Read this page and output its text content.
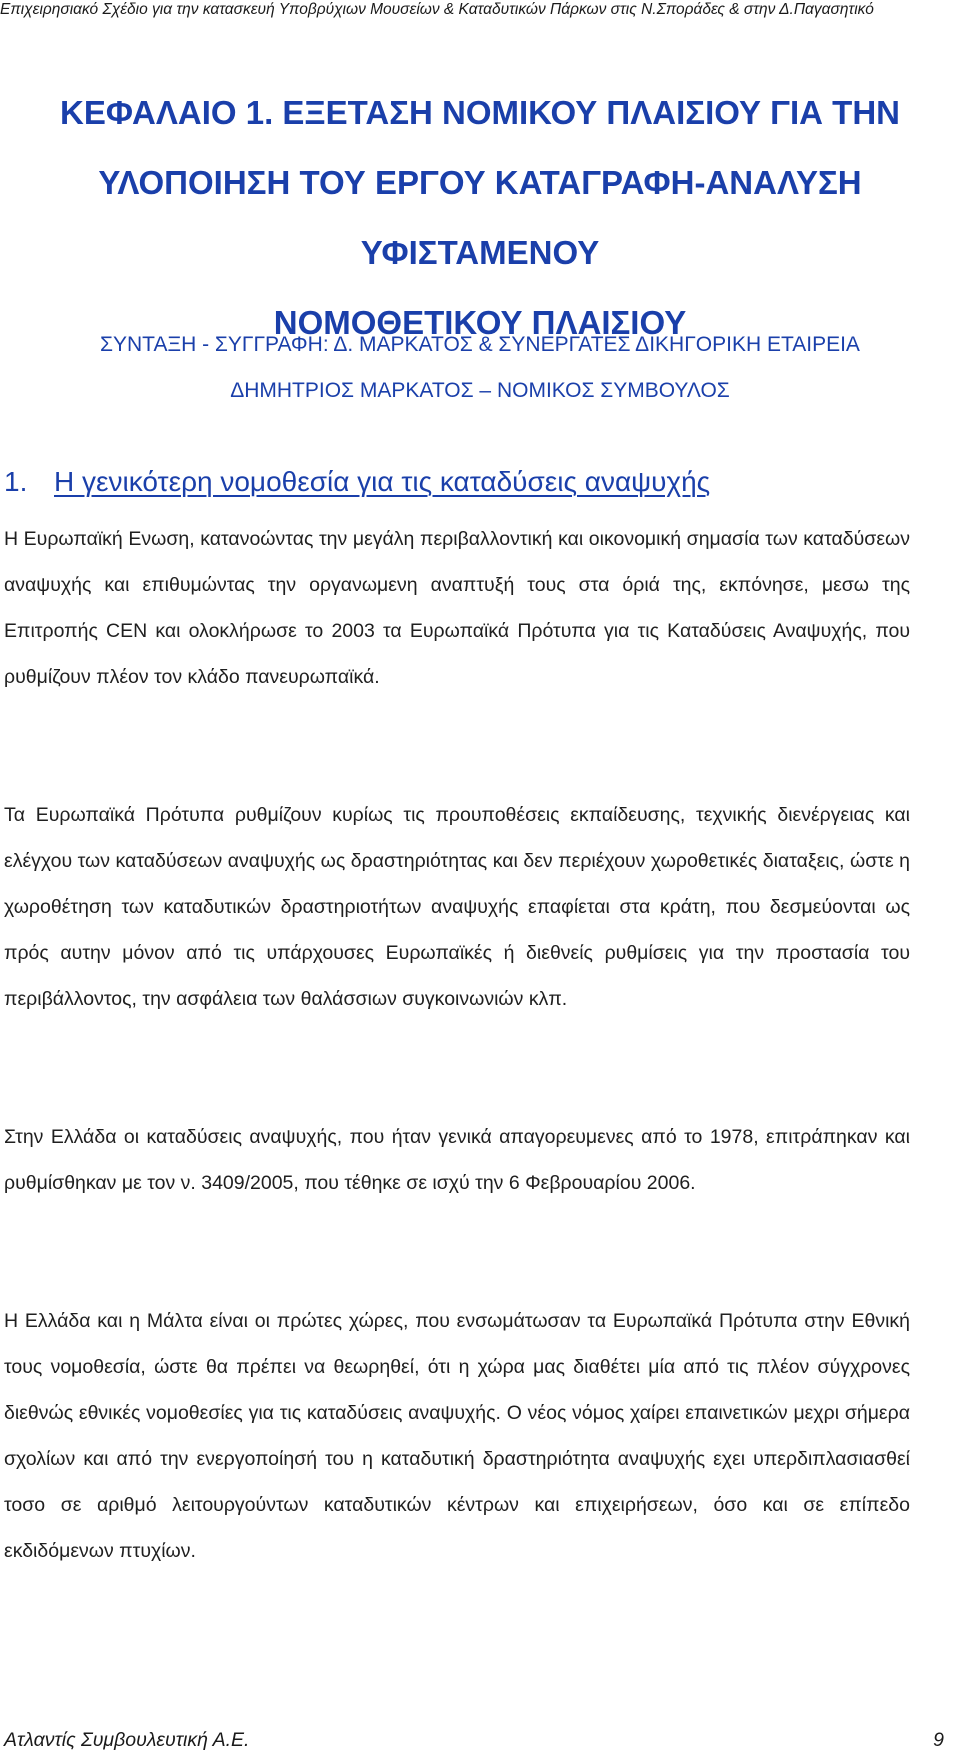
Επιχειρησιακό Σχέδιο για την κατασκευή Υποβρύχιων Μουσείων & Καταδυτικών Πάρκων στις Ν.Σποράδες & στην Δ.Παγασητικό
ΚΕΦΑΛΑΙΟ 1. ΕΞΕΤΑΣΗ ΝΟΜΙΚΟΥ ΠΛΑΙΣΙΟΥ ΓΙΑ ΤΗΝ
ΥΛΟΠΟΙΗΣΗ ΤΟΥ ΕΡΓΟΥ ΚΑΤΑΓΡΑΦΗ-ΑΝΑΛΥΣΗ ΥΦΙΣΤΑΜΕΝΟΥ
ΝΟΜΟΘΕΤΙΚΟΥ ΠΛΑΙΣΙΟΥ
ΣΥΝΤΑΞΗ - ΣΥΓΓΡΑΦΗ: Δ. ΜΑΡΚΑΤΟΣ & ΣΥΝΕΡΓΑΤΕΣ ΔΙΚΗΓΟΡΙΚΗ ΕΤΑΙΡΕΙΑ
ΔΗΜΗΤΡΙΟΣ ΜΑΡΚΑΤΟΣ – ΝΟΜΙΚΟΣ ΣΥΜΒΟΥΛΟΣ
1. Η γενικότερη νομοθεσία για τις καταδύσεις αναψυχής

Η Ευρωπαϊκή Ενωση, κατανοώντας την μεγάλη περιβαλλοντική και οικονομική σημασία των καταδύσεων αναψυχής και επιθυμώντας την οργανωμενη αναπτυξή τους στα όριά της, εκπόνησε, μεσω της Επιτροπής CEN και ολοκλήρωσε το 2003 τα Ευρωπαϊκά Πρότυπα για τις Καταδύσεις Αναψυχής, που ρυθμίζουν πλέον τον κλάδο πανευρωπαϊκά.

Τα Ευρωπαϊκά Πρότυπα ρυθμίζουν κυρίως τις προυποθέσεις εκπαίδευσης, τεχνικής διενέργειας και ελέγχου των καταδύσεων αναψυχής ως δραστηριότητας και δεν περιέχουν χωροθετικές διαταξεις, ώστε η χωροθέτηση των καταδυτικών δραστηριοτήτων αναψυχής επαφίεται στα κράτη, που δεσμεύονται ως πρός αυτην μόνον από τις υπάρχουσες Ευρωπαϊκές ή διεθνείς ρυθμίσεις για την προστασία του περιβάλλοντος, την ασφάλεια των θαλάσσιων συγκοινωνιών κλπ.

Στην Ελλάδα οι καταδύσεις αναψυχής, που ήταν γενικά απαγορευμενες από το 1978, επιτράπηκαν και ρυθμίσθηκαν με τον ν. 3409/2005, που τέθηκε σε ισχύ την 6 Φεβρουαρίου 2006.

Η Ελλάδα και η Μάλτα είναι οι πρώτες χώρες, που ενσωμάτωσαν τα Ευρωπαϊκά Πρότυπα στην Εθνική τους νομοθεσία, ώστε θα πρέπει να θεωρηθεί, ότι η χώρα μας διαθέτει μία από τις πλέον σύγχρονες διεθνώς εθνικές νομοθεσίες για τις καταδύσεις αναψυχής. Ο νέος νόμος χαίρει επαινετικών μεχρι σήμερα σχολίων και από την ενεργοποίησή του η καταδυτική δραστηριότητα αναψυχής εχει υπερδιπλασιασθεί τοσο σε αριθμό λειτουργούντων καταδυτικών κέντρων και επιχειρήσεων, όσο και σε επίπεδο εκδιδόμενων πτυχίων.

Ατλαντίς Συμβουλευτική Α.Ε.	9
